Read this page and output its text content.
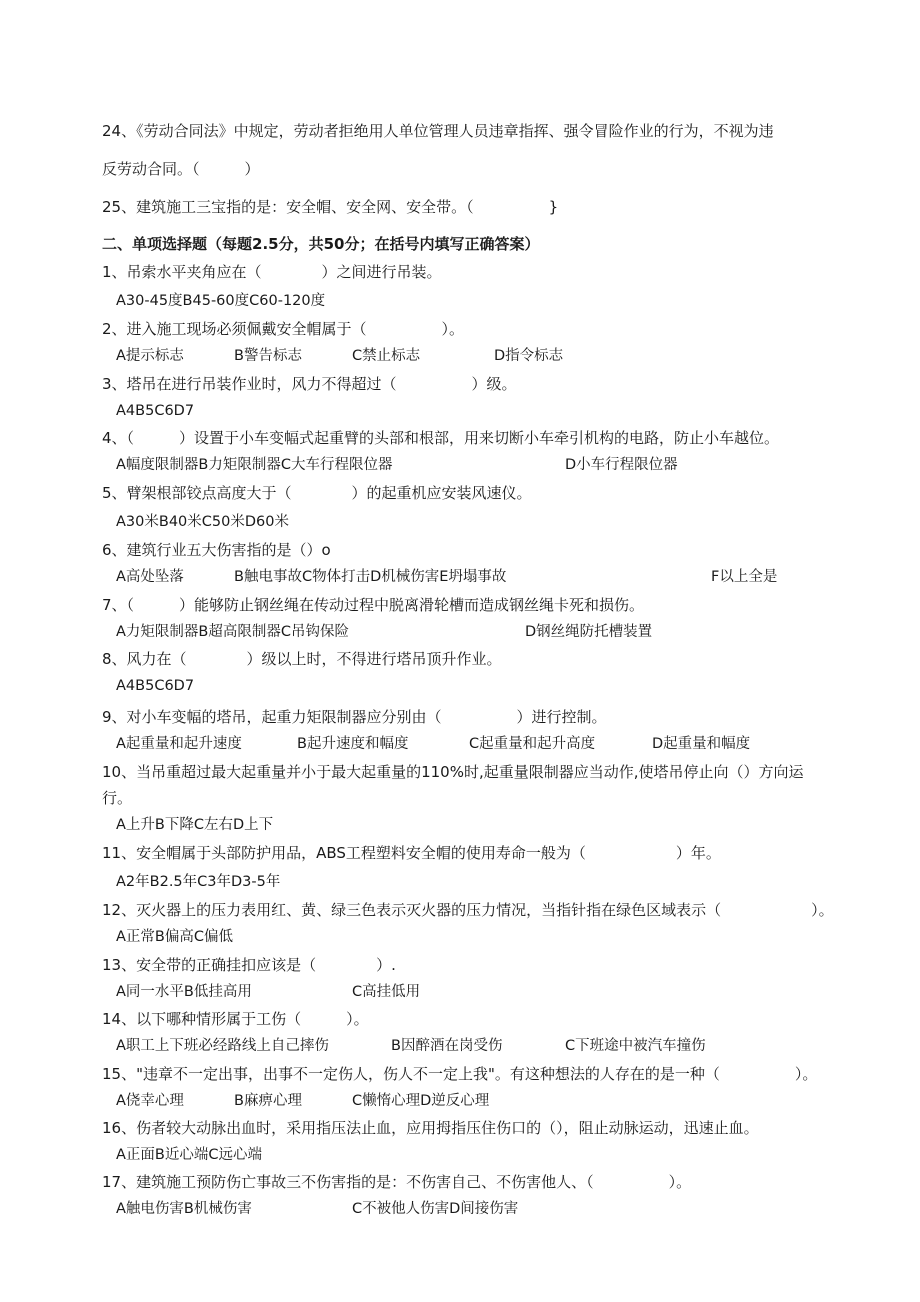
24、《劳动合同法》中规定，劳动者拒绝用人单位管理人员违章指挥、强令冒险作业的行为，不视为违
反劳动合同。（　　　）
25、建筑施工三宝指的是：安全帽、安全网、安全带。（　　　　　}
二、单项选择题（每题2.5分，共50分；在括号内填写正确答案）
1、吊索水平夹角应在（　　　　）之间进行吊装。
A30-45度B45-60度C60-120度
2、进入施工现场必须佩戴安全帽属于（　　　　　）。
A提示标志	B警告标志	C禁止标志	D指令标志
3、塔吊在进行吊装作业时，风力不得超过（　　　　　）级。
A4B5C6D7
4、（　　　）设置于小车变幅式起重臂的头部和根部，用来切断小车牵引机构的电路，防止小车越位。
A幅度限制器B力矩限制器C大车行程限位器	D小车行程限位器
5、臂架根部铰点高度大于（　　　　）的起重机应安装风速仪。
A30米B40米C50米D60米
6、建筑行业五大伤害指的是（）o
A高处坠落	B触电事故C物体打击D机械伤害E坍塌事故	F以上全是
7、（　　　）能够防止钢丝绳在传动过程中脱离滑轮槽而造成钢丝绳卡死和损伤。
A力矩限制器B超高限制器C吊钩保险	D钢丝绳防托槽装置
8、风力在（　　　　）级以上时，不得进行塔吊顶升作业。
A4B5C6D7
9、对小车变幅的塔吊，起重力矩限制器应分别由（　　　　　）进行控制。
A起重量和起升速度	B起升速度和幅度	C起重量和起升高度	D起重量和幅度
10、当吊重超过最大起重量并小于最大起重量的110%时,起重量限制器应当动作,使塔吊停止向（）方向运
行。
A上升B下降C左右D上下
11、安全帽属于头部防护用品，ABS工程塑料安全帽的使用寿命一般为（　　　　　　）年。
A2年B2.5年C3年D3-5年
12、灭火器上的压力表用红、黄、绿三色表示灭火器的压力情况，当指针指在绿色区域表示（　　　　　　）。
A正常B偏高C偏低
13、安全带的正确挂扣应该是（　　　　）.
A同一水平B低挂高用	C高挂低用
14、以下哪种情形属于工伤（　　　）。
A职工上下班必经路线上自己摔伤	B因醉酒在岗受伤	C下班途中被汽车撞伤
15、"违章不一定出事，出事不一定伤人，伤人不一定上我"。有这种想法的人存在的是一种（　　　　　）。
A侥幸心理	B麻痹心理	C懒惰心理D逆反心理
16、伤者较大动脉出血时，采用指压法止血，应用拇指压住伤口的（），阻止动脉运动，迅速止血。
A正面B近心端C远心端
17、建筑施工预防伤亡事故三不伤害指的是：不伤害自己、不伤害他人、（　　　　　）。
A触电伤害B机械伤害	C不被他人伤害D间接伤害
